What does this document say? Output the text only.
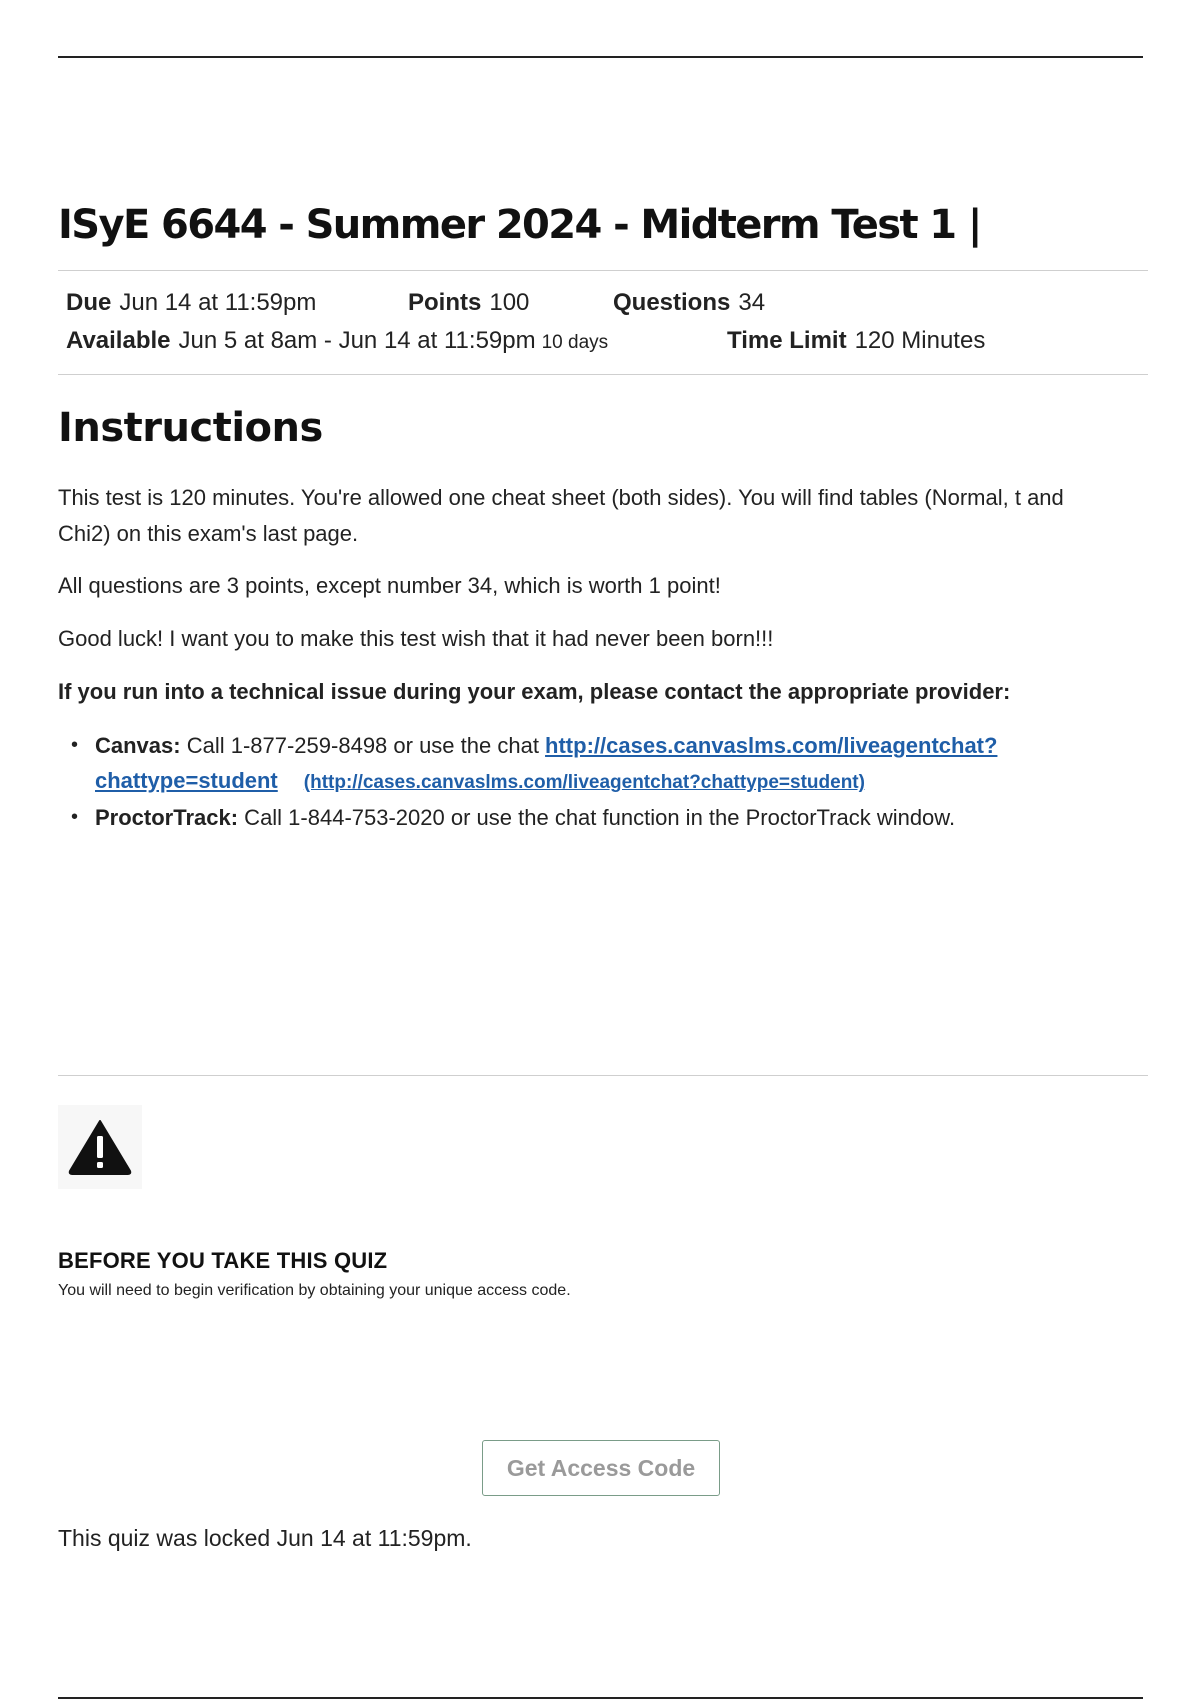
ISyE 6644 - Summer 2024 - Midterm Test 1 |
Due Jun 14 at 11:59pm	Points 100	Questions 34
Available Jun 5 at 8am - Jun 14 at 11:59pm 10 days	Time Limit 120 Minutes
Instructions

This test is 120 minutes. You're allowed one cheat sheet (both sides). You will find tables (Normal, t and Chi2) on this exam's last page.

All questions are 3 points, except number 34, which is worth 1 point!

Good luck! I want you to make this test wish that it had never been born!!!

If you run into a technical issue during your exam, please contact the appropriate provider:

• Canvas: Call 1-877-259-8498 or use the chat http://cases.canvaslms.com/liveagentchat?chattype=student (http://cases.canvaslms.com/liveagentchat?chattype=student)
• ProctorTrack: Call 1-844-753-2020 or use the chat function in the ProctorTrack window.
BEFORE YOU TAKE THIS QUIZ
You will need to begin verification by obtaining your unique access code.
Get Access Code
This quiz was locked Jun 14 at 11:59pm.
